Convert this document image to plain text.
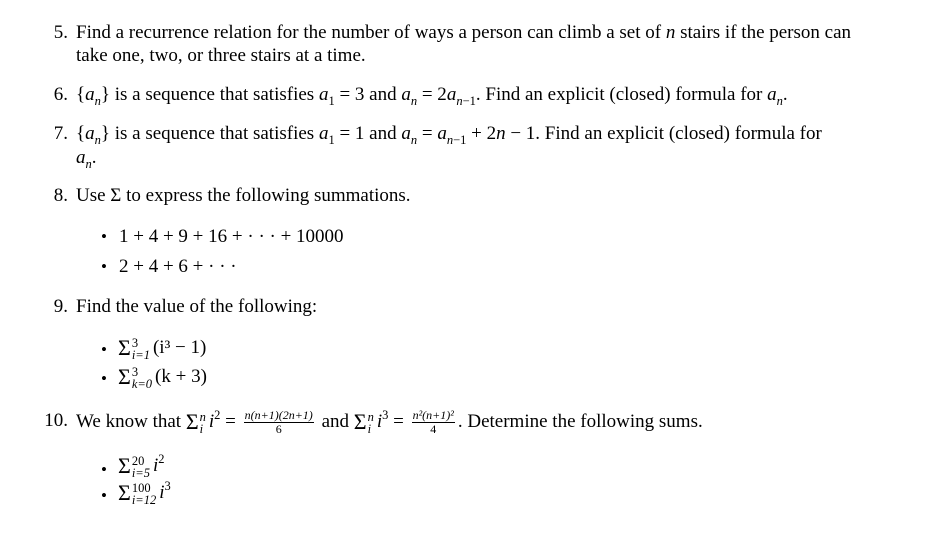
5. Find a recurrence relation for the number of ways a person can climb a set of n stairs if the person can
take one, two, or three stairs at a time.
6. $\{a_n\}$ is a sequence that satisfies $a_1 = 3$ and $a_n = 2a_{n-1}$. Find an explicit (closed) formula for $a_n$.
7. $\{a_n\}$ is a sequence that satisfies $a_1 = 1$ and $a_n = a_{n-1} + 2n - 1$. Find an explicit (closed) formula for
$a_n$.
8. Use Σ to express the following summations.
• 1 + 4 + 9 + 16 + · · · + 10000
• 2 + 4 + 6 + · · ·
9. Find the value of the following:
• Σ 3
i=1 (i³ − 1)
• Σ 3
k=0 (k + 3)
10. We know that Σ n
i $i^2 = \frac{n(n+1)(2n+1)}{6}$ and Σ n
i $i^3 = \frac{\text{n²(n+1)²}}{4}$ . Determine the following sums.
• Σ 20
i=5 $i^2$
• Σ 100
i=12 $i^3$
